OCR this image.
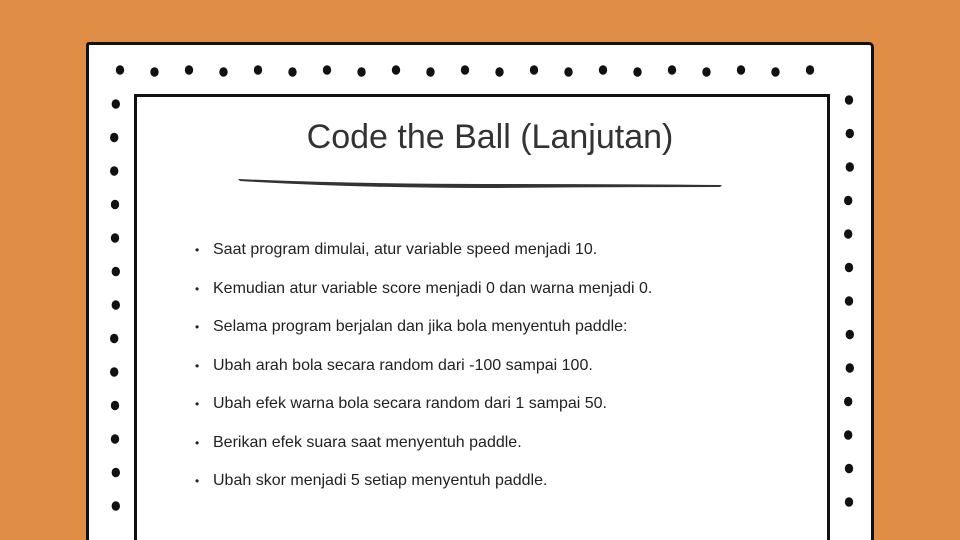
Code the Ball (Lanjutan)
• Saat program dimulai, atur variable speed menjadi 10.
• Kemudian atur variable score menjadi 0 dan warna menjadi 0.
• Selama program berjalan dan jika bola menyentuh paddle:
• Ubah arah bola secara random dari -100 sampai 100.
• Ubah efek warna bola secara random dari 1 sampai 50.
• Berikan efek suara saat menyentuh paddle.
• Ubah skor menjadi 5 setiap menyentuh paddle.
